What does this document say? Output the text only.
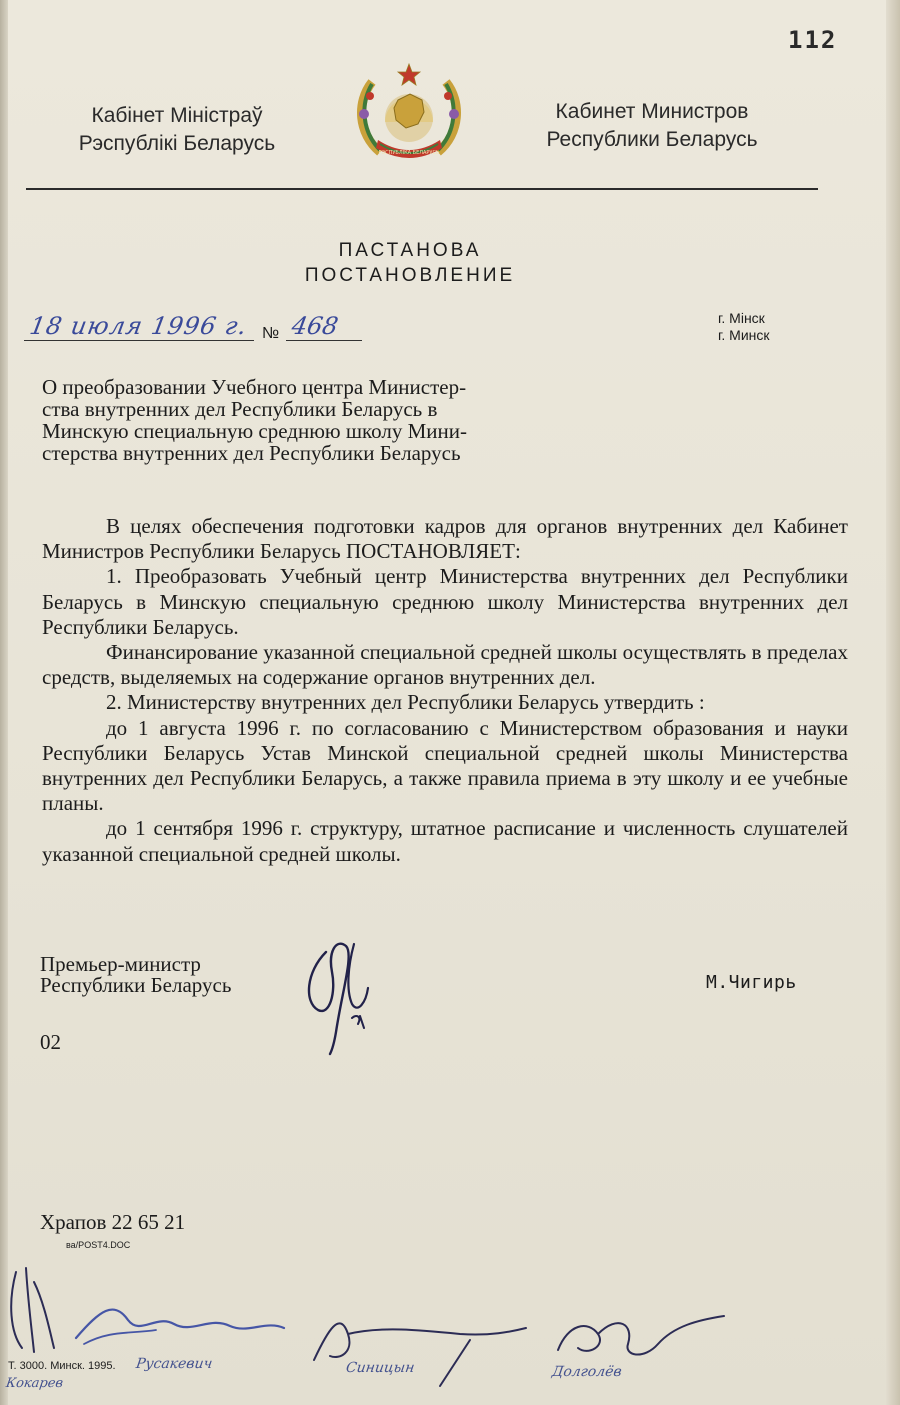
112
Кабінет Міністраў
Рэспублікі Беларусь	РЭСПУБЛІКА БЕЛАРУСЬ
Кабинет Министров
Республики Беларусь
ПАСТАНОВА
ПОСТАНОВЛЕНИЕ
18 июля 1996 г. № 468	г. Мінск
г. Минск
О преобразовании Учебного центра Министер-
ства внутренних дел Республики Беларусь в
Минскую специальную среднюю школу Мини-
стерства внутренних дел Республики Беларусь

В целях обеспечения подготовки кадров для органов внутренних дел Кабинет Министров Республики Беларусь ПОСТАНОВЛЯЕТ:

1. Преобразовать Учебный центр Министерства внутренних дел Республики Беларусь в Минскую специальную среднюю школу Министерства внутренних дел Республики Беларусь.

Финансирование указанной специальной средней школы осуществлять в пределах средств, выделяемых на содержание органов внутренних дел.

2. Министерству внутренних дел Республики Беларусь утвердить :

до 1 августа 1996 г. по согласованию с Министерством образования и науки Республики Беларусь Устав Минской специальной средней школы Министерства внутренних дел Республики Беларусь, а также правила приема в эту школу и ее учебные планы.

до 1 сентября 1996 г. структуру, штатное расписание и численность слушателей указанной специальной средней школы.

Премьер-министр
Республики Беларусь	М.Чигирь
02
Храпов 22 65 21
ва/POST4.DOC
Т. 3000. Минск. 1995. Русакевич	Синицын	Долголёв
Кокарев
